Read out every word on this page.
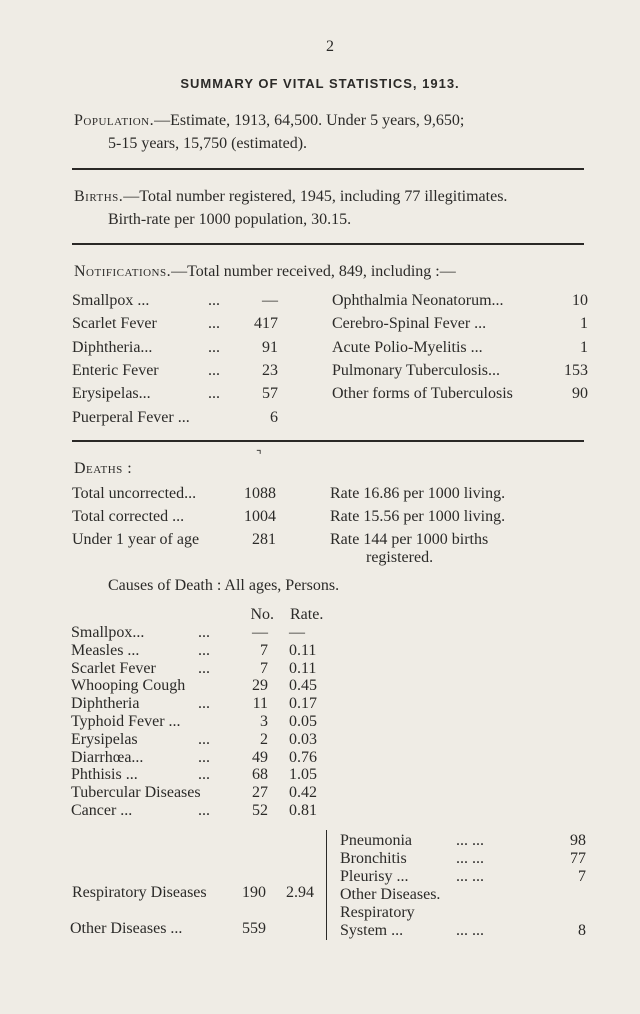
2
SUMMARY OF VITAL STATISTICS, 1913.
Population.—Estimate, 1913, 64,500. Under 5 years, 9,650;
5-15 years, 15,750 (estimated).
Births.—Total number registered, 1945, including 77 illegitimates.
Birth-rate per 1000 population, 30.15.
Notifications.—Total number received, 849, including :—
Smallpox ...	...	—
Scarlet Fever	...	417
Diphtheria...	...	91
Enteric Fever	...	23
Erysipelas...	...	57
Puerperal Fever ...	6
Ophthalmia Neonatorum...	10
Cerebro-Spinal Fever ...	1
Acute Polio-Myelitis ...	1
Pulmonary Tuberculosis...	153
Other forms of Tuberculosis	90
⌝
Deaths :
Total uncorrected...	1088	Rate 16.86 per 1000 living.
Total corrected ...	1004	Rate 15.56 per 1000 living.
Under 1 year of age	281	Rate 144 per 1000 births
registered.
Causes of Death : All ages, Persons.
No. Rate.
Smallpox...	...	— —
Measles ...	...	7 0.11
Scarlet Fever	...	7 0.11
Whooping Cough	29 0.45
Diphtheria	...	11 0.17
Typhoid Fever ...	3 0.05
Erysipelas	...	2 0.03
Diarrhœa...	...	49 0.76
Phthisis ...	...	68 1.05
Tubercular Diseases	27 0.42
Cancer ...	...	52 0.81
Respiratory Diseases	190 2.94
Other Diseases ...	559
Pneumonia	... ...	98
Bronchitis	... ...	77
Pleurisy ...	... ...	7
Other Diseases.
Respiratory
System ...	... ...	8
